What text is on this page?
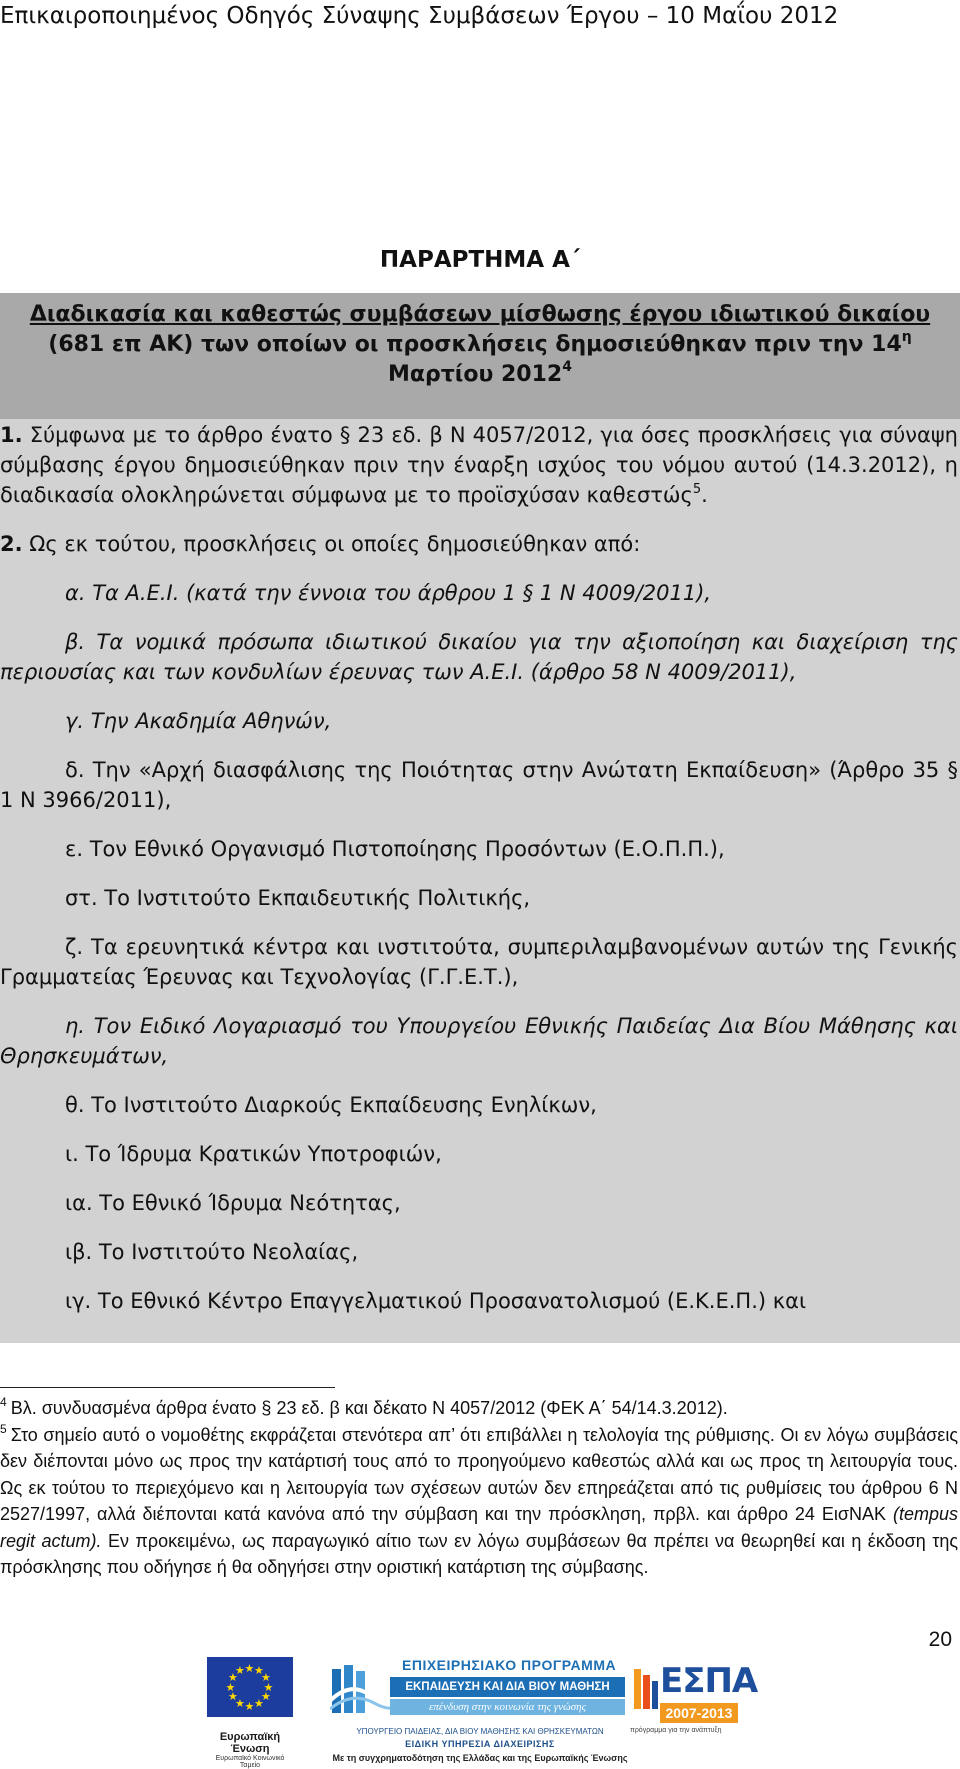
Επικαιροποιημένος Οδηγός Σύναψης Συμβάσεων Έργου – 10 Μαΐου 2012
ΠΑΡΑΡΤΗΜΑ Α΄
Διαδικασία και καθεστώς συμβάσεων μίσθωσης έργου ιδιωτικού δικαίου
(681 επ ΑΚ) των οποίων οι προσκλήσεις δημοσιεύθηκαν πριν την $14^\eta$
Μαρτίου 2012$^4$

1. Σύμφωνα με το άρθρο ένατο § 23 εδ. β Ν 4057/2012, για όσες προσκλήσεις για σύναψη σύμβασης έργου δημοσιεύθηκαν πριν την έναρξη ισχύος του νόμου αυτού (14.3.2012), η διαδικασία ολοκληρώνεται σύμφωνα με το προϊσχύσαν καθεστώς$^5$.

2. Ως εκ τούτου, προσκλήσεις οι οποίες δημοσιεύθηκαν από:

α. Τα Α.Ε.Ι. (κατά την έννοια του άρθρου 1 § 1 Ν 4009/2011),

β. Τα νομικά πρόσωπα ιδιωτικού δικαίου για την αξιοποίηση και διαχείριση της περιουσίας και των κονδυλίων έρευνας των Α.Ε.Ι. (άρθρο 58 Ν 4009/2011),

γ. Την Ακαδημία Αθηνών,

δ. Την «Αρχή διασφάλισης της Ποιότητας στην Ανώτατη Εκπαίδευση» (Άρθρο 35 § 1 Ν 3966/2011),

ε. Τον Εθνικό Οργανισμό Πιστοποίησης Προσόντων (Ε.Ο.Π.Π.),

στ. Το Ινστιτούτο Εκπαιδευτικής Πολιτικής,

ζ. Τα ερευνητικά κέντρα και ινστιτούτα, συμπεριλαμβανομένων αυτών της Γενικής Γραμματείας Έρευνας και Τεχνολογίας (Γ.Γ.Ε.Τ.),

η. Τον Ειδικό Λογαριασμό του Υπουργείου Εθνικής Παιδείας Δια Βίου Μάθησης και Θρησκευμάτων,

θ. Το Ινστιτούτο Διαρκούς Εκπαίδευσης Ενηλίκων,

ι. Το Ίδρυμα Κρατικών Υποτροφιών,

ια. Το Εθνικό Ίδρυμα Νεότητας,

ιβ. Το Ινστιτούτο Νεολαίας,

ιγ. Το Εθνικό Κέντρο Επαγγελματικού Προσανατολισμού (Ε.Κ.Ε.Π.) και

$^4$ Βλ. συνδυασμένα άρθρα ένατο § 23 εδ. β και δέκατο Ν 4057/2012 (ΦΕΚ Α΄ 54/14.3.2012).

$^5$ Στο σημείο αυτό ο νομοθέτης εκφράζεται στενότερα απ’ ότι επιβάλλει η τελολογία της ρύθμισης. Οι εν λόγω συμβάσεις δεν διέπονται μόνο ως προς την κατάρτισή τους από το προηγούμενο καθεστώς αλλά και ως προς τη λειτουργία τους. Ως εκ τούτου το περιεχόμενο και η λειτουργία των σχέσεων αυτών δεν επηρεάζεται από τις ρυθμίσεις του άρθρου 6 Ν 2527/1997, αλλά διέπονται κατά κανόνα από την σύμβαση και την πρόσκληση, πρβλ. και άρθρο 24 ΕισΝΑΚ (tempus regit actum). Εν προκειμένω, ως παραγωγικό αίτιο των εν λόγω συμβάσεων θα πρέπει να θεωρηθεί και η έκδοση της πρόσκλησης που οδήγησε ή θα οδηγήσει στην οριστική κατάρτιση της σύμβασης.

20
★ ★
★
★
★
★
★
★
★
★
★
★
Ευρωπαϊκή Ένωση
Ευρωπαϊκό Κοινωνικό Ταμείο
ΕΠΙΧΕΙΡΗΣΙΑΚΟ ΠΡΟΓΡΑΜΜΑ
ΕΚΠΑΙΔΕΥΣΗ ΚΑΙ ΔΙΑ ΒΙΟΥ ΜΑΘΗΣΗ
επένδυση στην κοινωνία της γνώσης
ΥΠΟΥΡΓΕΙΟ ΠΑΙΔΕΙΑΣ, ΔΙΑ ΒΙΟΥ ΜΑΘΗΣΗΣ ΚΑΙ ΘΡΗΣΚΕΥΜΑΤΩΝ
ΕΙΔΙΚΗ ΥΠΗΡΕΣΙΑ ΔΙΑΧΕΙΡΙΣΗΣ
ΕΣΠΑ
2007-2013
πρόγραμμα για την ανάπτυξη
Με τη συγχρηματοδότηση της Ελλάδας και της Ευρωπαϊκής Ένωσης
